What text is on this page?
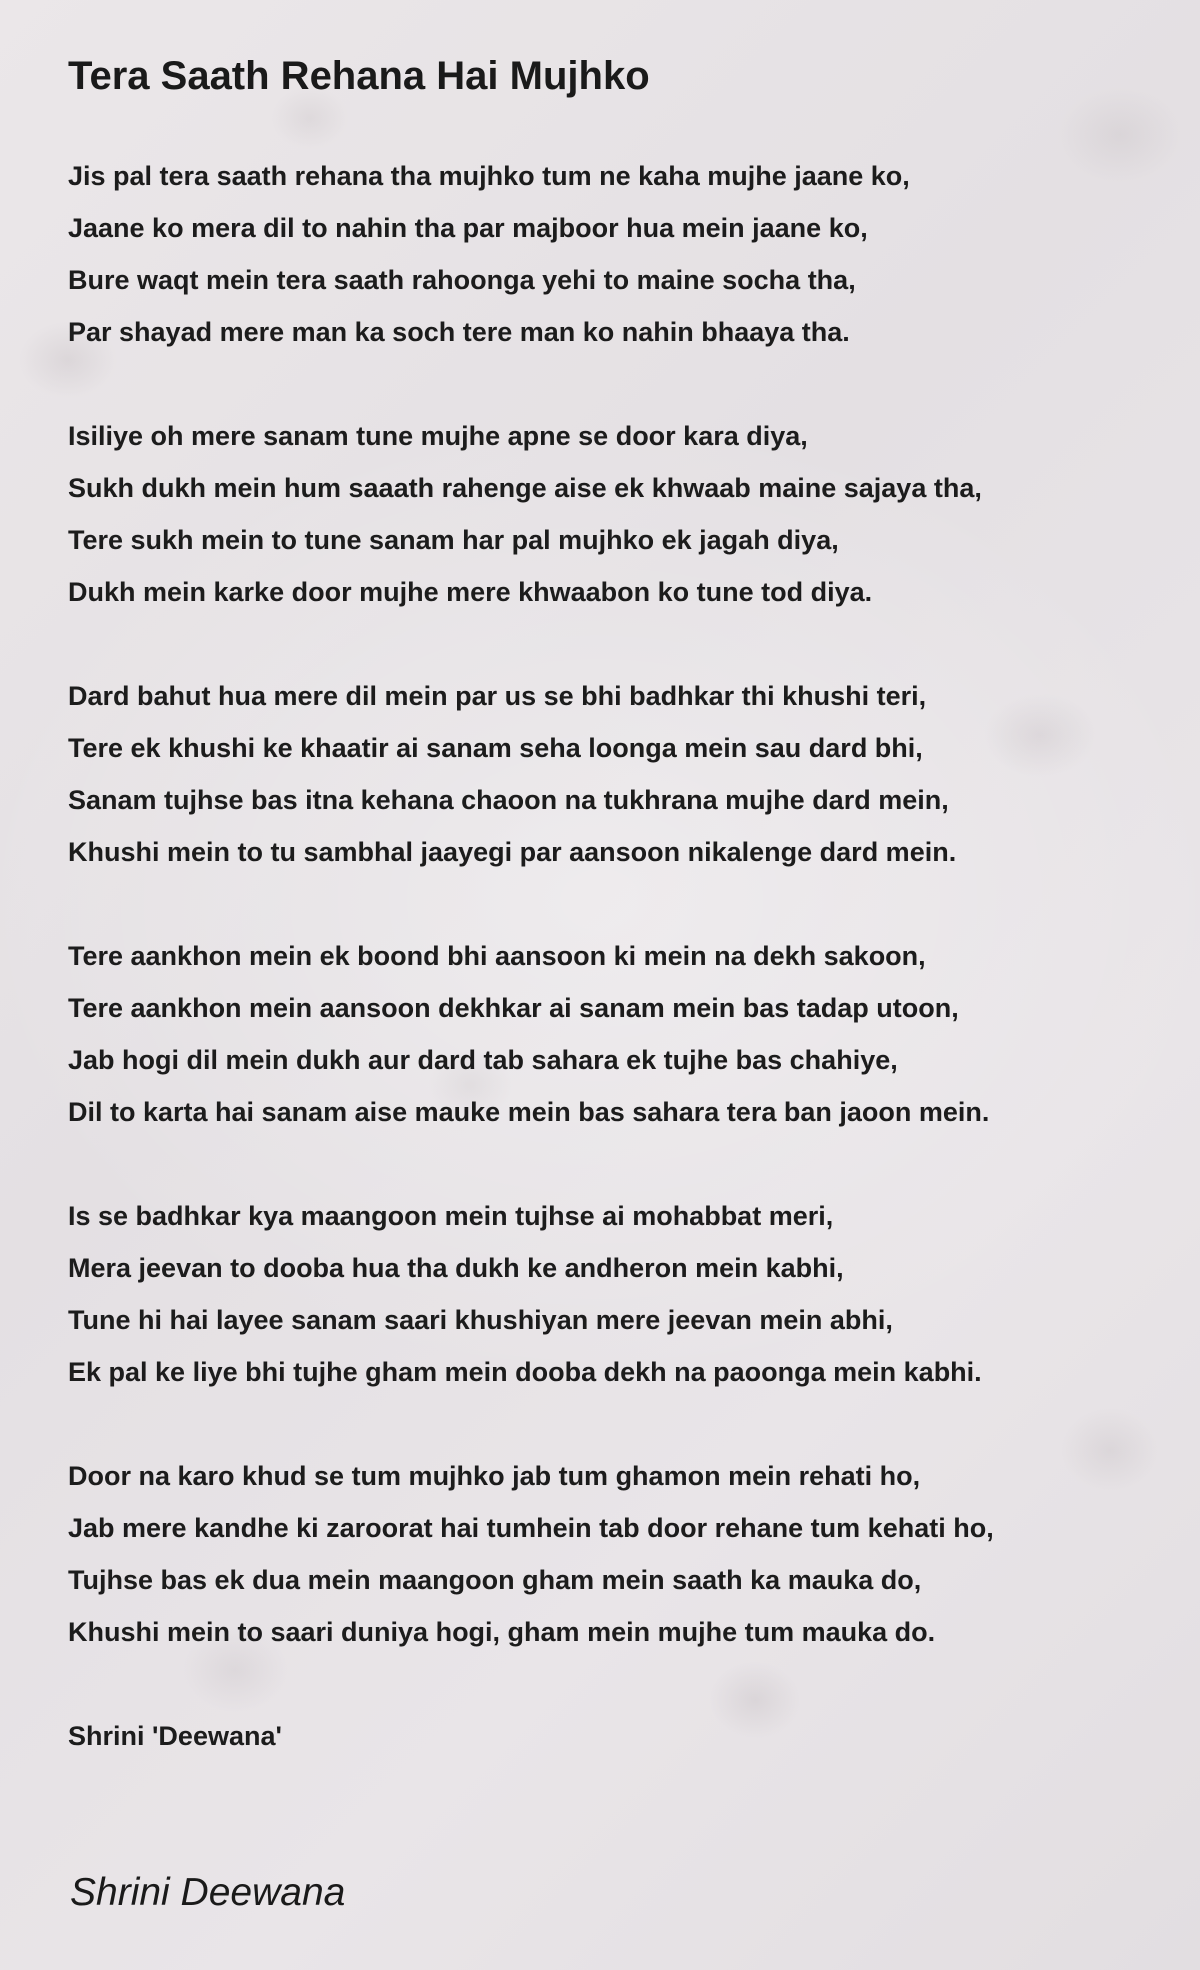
Tera Saath Rehana Hai Mujhko
Jis pal tera saath rehana tha mujhko tum ne kaha mujhe jaane ko,
Jaane ko mera dil to nahin tha par majboor hua mein jaane ko,
Bure waqt mein tera saath rahoonga yehi to maine socha tha,
Par shayad mere man ka soch tere man ko nahin bhaaya tha.
Isiliye oh mere sanam tune mujhe apne se door kara diya,
Sukh dukh mein hum saaath rahenge aise ek khwaab maine sajaya tha,
Tere sukh mein to tune sanam har pal mujhko ek jagah diya,
Dukh mein karke door mujhe mere khwaabon ko tune tod diya.
Dard bahut hua mere dil mein par us se bhi badhkar thi khushi teri,
Tere ek khushi ke khaatir ai sanam seha loonga mein sau dard bhi,
Sanam tujhse bas itna kehana chaoon na tukhrana mujhe dard mein,
Khushi mein to tu sambhal jaayegi par aansoon nikalenge dard mein.
Tere aankhon mein ek boond bhi aansoon ki mein na dekh sakoon,
Tere aankhon mein aansoon dekhkar ai sanam mein bas tadap utoon,
Jab hogi dil mein dukh aur dard tab sahara ek tujhe bas chahiye,
Dil to karta hai sanam aise mauke mein bas sahara tera ban jaoon mein.
Is se badhkar kya maangoon mein tujhse ai mohabbat meri,
Mera jeevan to dooba hua tha dukh ke andheron mein kabhi,
Tune hi hai layee sanam saari khushiyan mere jeevan mein abhi,
Ek pal ke liye bhi tujhe gham mein dooba dekh na paoonga mein kabhi.
Door na karo khud se tum mujhko jab tum ghamon mein rehati ho,
Jab mere kandhe ki zaroorat hai tumhein tab door rehane tum kehati ho,
Tujhse bas ek dua mein maangoon gham mein saath ka mauka do,
Khushi mein to saari duniya hogi, gham mein mujhe tum mauka do.
Shrini 'Deewana'
Shrini Deewana
